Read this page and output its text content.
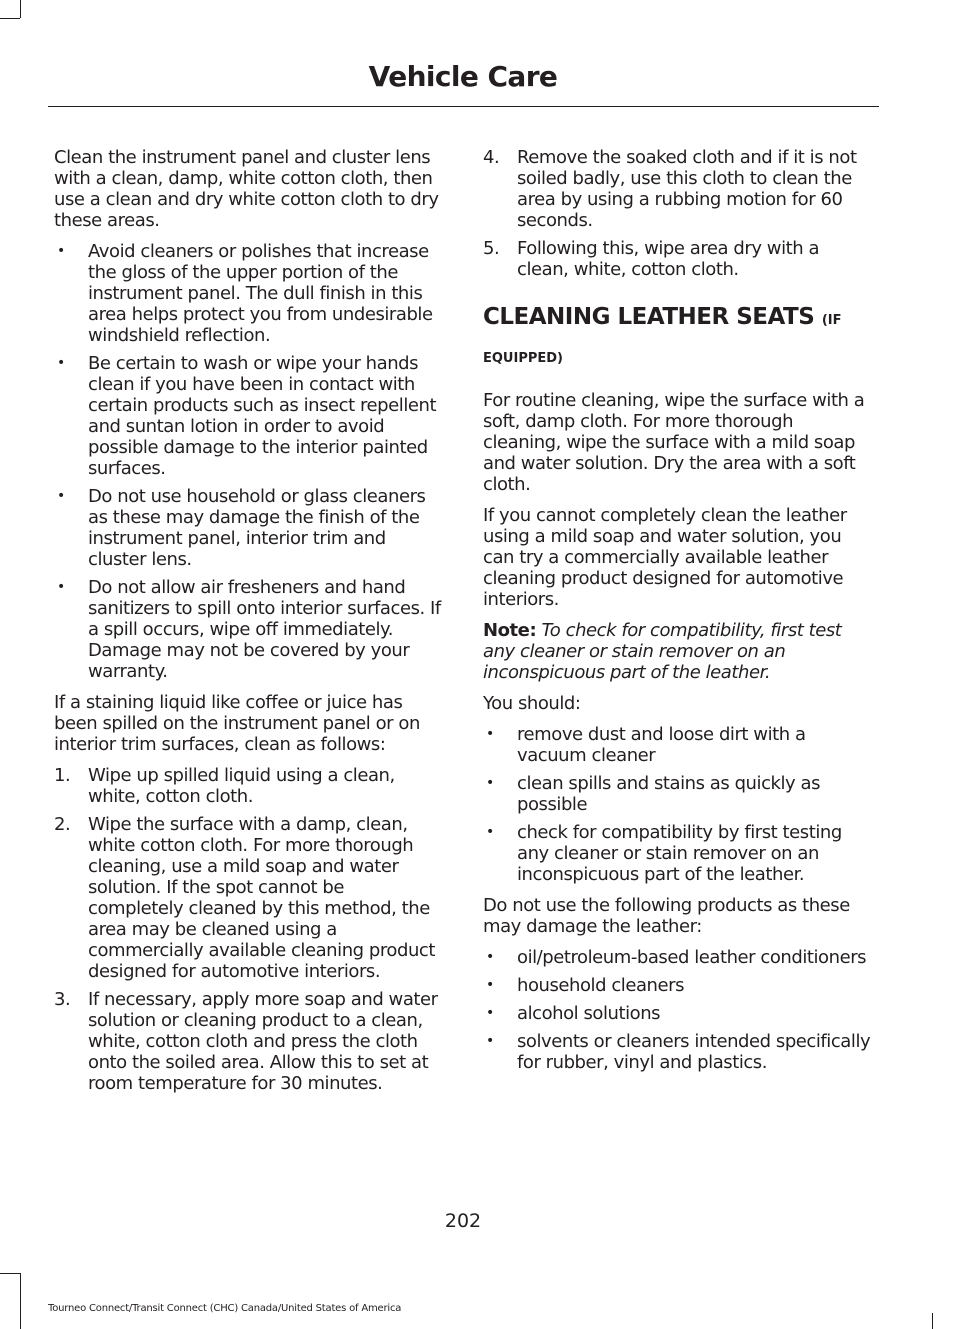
Vehicle Care

Clean the instrument panel and cluster lens with a clean, damp, white cotton cloth, then use a clean and dry white cotton cloth to dry these areas.

• Avoid cleaners or polishes that increase the gloss of the upper portion of the instrument panel. The dull finish in this area helps protect you from undesirable windshield reflection.
• Be certain to wash or wipe your hands clean if you have been in contact with certain products such as insect repellent and suntan lotion in order to avoid possible damage to the interior painted surfaces.
• Do not use household or glass cleaners as these may damage the finish of the instrument panel, interior trim and cluster lens.
• Do not allow air fresheners and hand sanitizers to spill onto interior surfaces. If a spill occurs, wipe off immediately. Damage may not be covered by your warranty.

If a staining liquid like coffee or juice has been spilled on the instrument panel or on interior trim surfaces, clean as follows:

1. Wipe up spilled liquid using a clean, white, cotton cloth.
2. Wipe the surface with a damp, clean, white cotton cloth. For more thorough cleaning, use a mild soap and water solution. If the spot cannot be completely cleaned by this method, the area may be cleaned using a commercially available cleaning product designed for automotive interiors.
3. If necessary, apply more soap and water solution or cleaning product to a clean, white, cotton cloth and press the cloth onto the soiled area. Allow this to set at room temperature for 30 minutes.
4. Remove the soaked cloth and if it is not soiled badly, use this cloth to clean the area by using a rubbing motion for 60 seconds.
5. Following this, wipe area dry with a clean, white, cotton cloth.
CLEANING LEATHER SEATS (IF EQUIPPED)

For routine cleaning, wipe the surface with a soft, damp cloth. For more thorough cleaning, wipe the surface with a mild soap and water solution. Dry the area with a soft cloth.

If you cannot completely clean the leather using a mild soap and water solution, you can try a commercially available leather cleaning product designed for automotive interiors.

Note: To check for compatibility, first test any cleaner or stain remover on an inconspicuous part of the leather.

You should:

• remove dust and loose dirt with a vacuum cleaner
• clean spills and stains as quickly as possible
• check for compatibility by first testing any cleaner or stain remover on an inconspicuous part of the leather.

Do not use the following products as these may damage the leather:

• oil/petroleum-based leather conditioners
• household cleaners
• alcohol solutions
• solvents or cleaners intended specifically for rubber, vinyl and plastics.
202
Tourneo Connect/Transit Connect (CHC) Canada/United States of America
